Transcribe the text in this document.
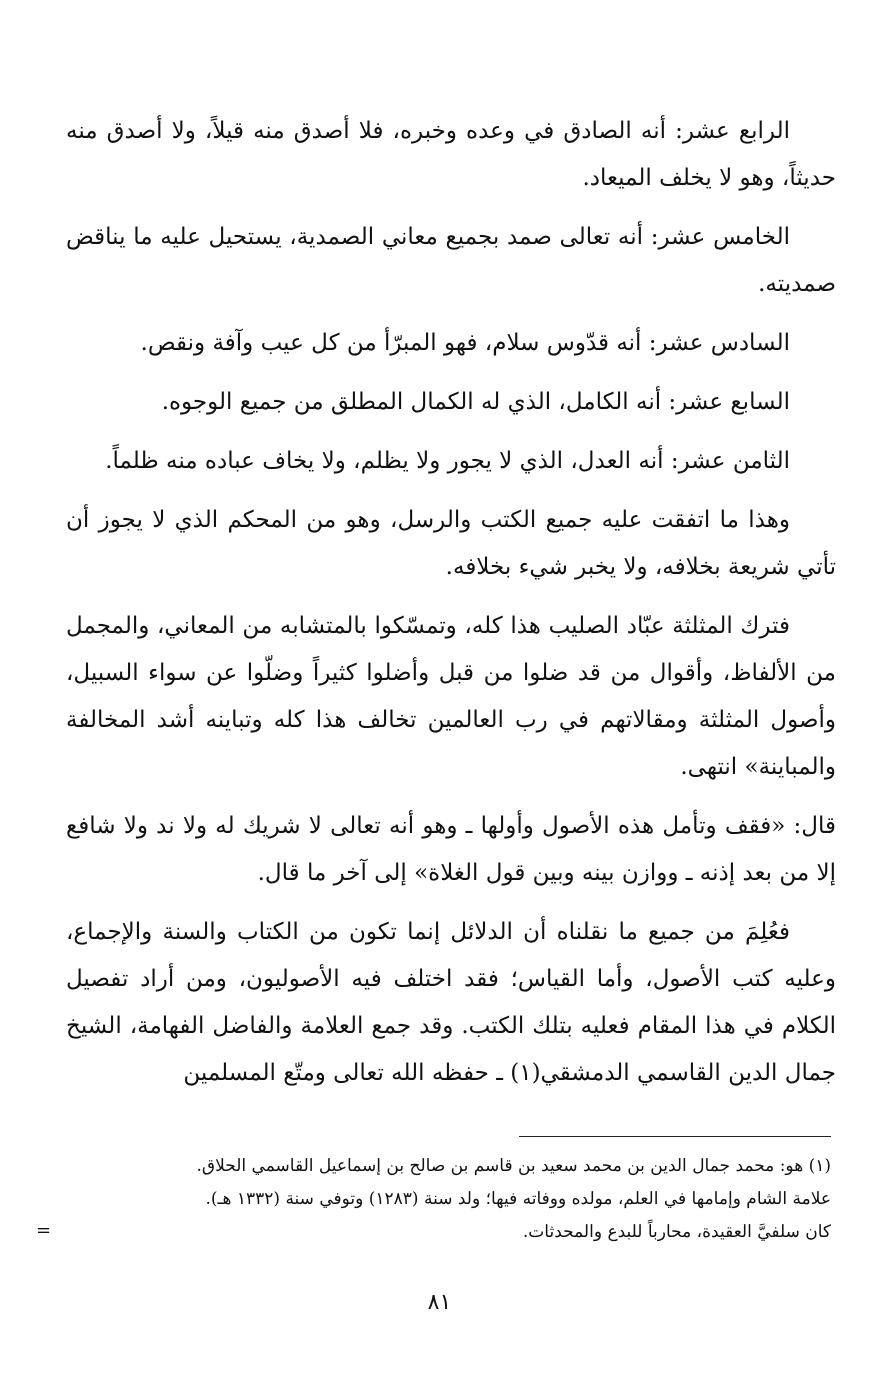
الرابع عشر: أنه الصادق في وعده وخبره، فلا أصدق منه قيلاً، ولا أصدق منه حديثاً، وهو لا يخلف الميعاد.

الخامس عشر: أنه تعالى صمد بجميع معاني الصمدية، يستحيل عليه ما يناقض صمديته.

السادس عشر: أنه قدّوس سلام، فهو المبرّأ من كل عيب وآفة ونقص.

السابع عشر: أنه الكامل، الذي له الكمال المطلق من جميع الوجوه.

الثامن عشر: أنه العدل، الذي لا يجور ولا يظلم، ولا يخاف عباده منه ظلماً.

وهذا ما اتفقت عليه جميع الكتب والرسل، وهو من المحكم الذي لا يجوز أن تأتي شريعة بخلافه، ولا يخبر شيء بخلافه.

فترك المثلثة عبّاد الصليب هذا كله، وتمسّكوا بالمتشابه من المعاني، والمجمل من الألفاظ، وأقوال من قد ضلوا من قبل وأضلوا كثيراً وضلّوا عن سواء السبيل، وأصول المثلثة ومقالاتهم في رب العالمين تخالف هذا كله وتباينه أشد المخالفة والمباينة» انتهى.

قال: «فقف وتأمل هذه الأصول وأولها ـ وهو أنه تعالى لا شريك له ولا ند ولا شافع إلا من بعد إذنه ـ ووازن بينه وبين قول الغلاة» إلى آخر ما قال.

فعُلِمَ من جميع ما نقلناه أن الدلائل إنما تكون من الكتاب والسنة والإجماع، وعليه كتب الأصول، وأما القياس؛ فقد اختلف فيه الأصوليون، ومن أراد تفصيل الكلام في هذا المقام فعليه بتلك الكتب. وقد جمع العلامة والفاضل الفهامة، الشيخ جمال الدين القاسمي الدمشقي(١) ـ حفظه الله تعالى ومتّع المسلمين

(١) هو: محمد جمال الدين بن محمد سعيد بن قاسم بن صالح بن إسماعيل القاسمي الحلاق.

علامة الشام وإمامها في العلم، مولده ووفاته فيها؛ ولد سنة (١٢٨٣) وتوفي سنة (١٣٣٢ هـ).

كان سلفيَّ العقيدة، محارباً للبدع والمحدثات.

=
٨١
